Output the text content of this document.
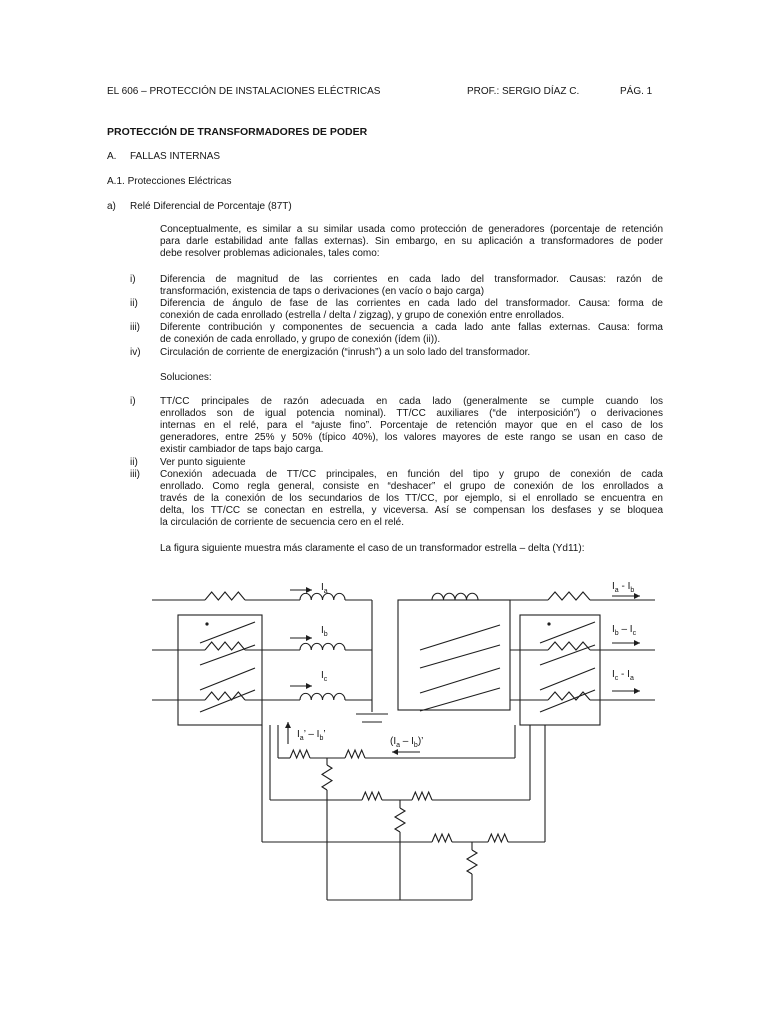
EL 606 – PROTECCIÓN DE INSTALACIONES ELÉCTRICAS	PROF.: SERGIO DÍAZ C.	PÁG. 1
PROTECCIÓN DE TRANSFORMADORES DE PODER
A. FALLAS INTERNAS
A.1. Protecciones Eléctricas
a) Relé Diferencial de Porcentaje (87T)
Conceptualmente, es similar a su similar usada como protección de generadores (porcentaje de retención
para darle estabilidad ante fallas externas). Sin embargo, en su aplicación a transformadores de poder
debe resolver problemas adicionales, tales como:
i) Diferencia de magnitud de las corrientes en cada lado del transformador. Causas: razón de
transformación, existencia de taps o derivaciones (en vacío o bajo carga)
ii) Diferencia de ángulo de fase de las corrientes en cada lado del transformador. Causa: forma de
conexión de cada enrollado (estrella / delta / zigzag), y grupo de conexión entre enrollados.
iii) Diferente contribución y componentes de secuencia a cada lado ante fallas externas. Causa: forma
de conexión de cada enrollado, y grupo de conexión (ídem (ii)).
iv) Circulación de corriente de energización (“inrush”) a un solo lado del transformador.
Soluciones:
i) TT/CC principales de razón adecuada en cada lado (generalmente se cumple cuando los
enrollados son de igual potencia nominal). TT/CC auxiliares (“de interposición”) o derivaciones
internas en el relé, para el “ajuste fino”. Porcentaje de retención mayor que en el caso de los
generadores, entre 25% y 50% (típico 40%), los valores mayores de este rango se usan en caso de
existir cambiador de taps bajo carga.
ii) Ver punto siguiente
iii) Conexión adecuada de TT/CC principales, en función del tipo y grupo de conexión de cada
enrollado. Como regla general, consiste en “deshacer” el grupo de conexión de los enrollados a
través de la conexión de los secundarios de los TT/CC, por ejemplo, si el enrollado se encuentra en
delta, los TT/CC se conectan en estrella, y viceversa. Así se compensan los desfases y se bloquea
la circulación de corriente de secuencia cero en el relé.
La figura siguiente muestra más claramente el caso de un transformador estrella – delta (Yd11):
$I_a$
$I_b$
$I_c$
$I_a - I_b$
$I_b - I_c$
$I_c - I_a$
$I_a$’ – $I_b$’
$(I_a - I_b)$’
